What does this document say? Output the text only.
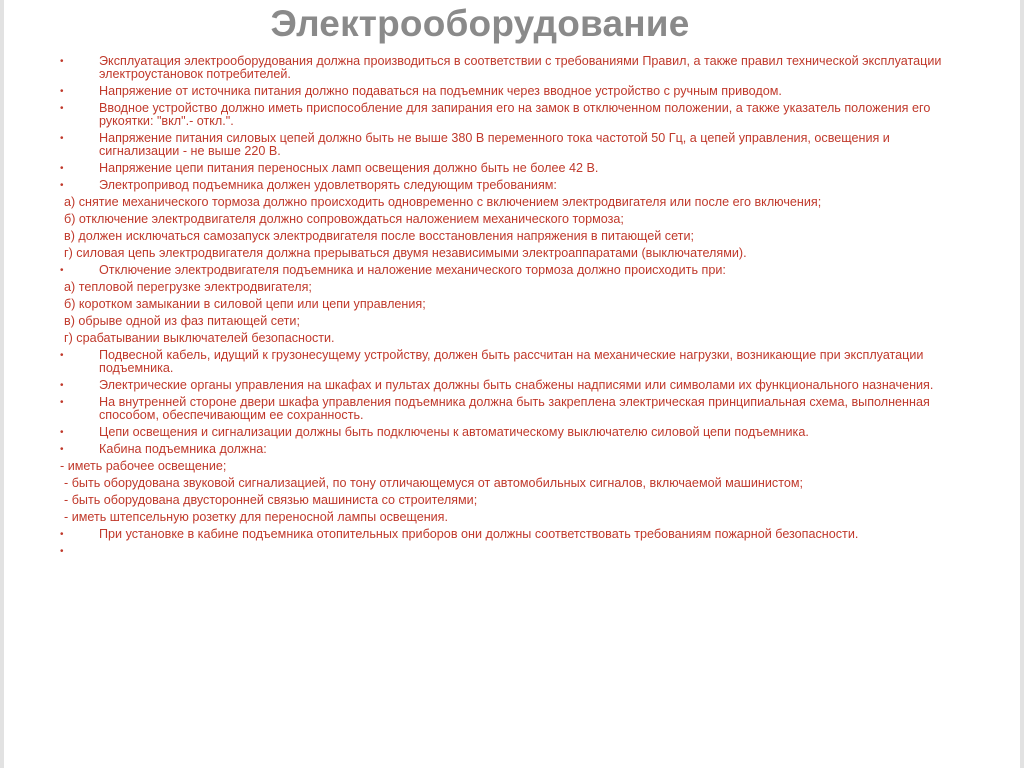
Электрооборудование
•	Эксплуатация электрооборудования должна производиться в соответствии с требованиями Правил, а также правил технической эксплуатации электроустановок потребителей.
•	Напряжение от источника питания должно подаваться на подъемник через вводное устройство с ручным приводом.
•	Вводное устройство должно иметь приспособление для запирания его на замок в отключенном положении, а также указатель положения его рукоятки: "вкл".- откл.".
•	Напряжение питания силовых цепей должно быть не выше 380 В переменного тока частотой 50 Гц, а цепей управления, освещения и сигнализации - не выше 220 В.
•	Напряжение цепи питания переносных ламп освещения должно быть не более 42 В.
•	Электропривод подъемника должен удовлетворять следующим требованиям:
а) снятие механического тормоза должно происходить одновременно с включением электродвигателя или после его включения;
б) отключение электродвигателя должно сопровождаться наложением механического тормоза;
в) должен исключаться самозапуск электродвигателя после восстановления напряжения в питающей сети;
г) силовая цепь электродвигателя должна прерываться двумя независимыми электроаппаратами (выключателями).
•	Отключение электродвигателя подъемника и наложение механического тормоза должно происходить при:
а) тепловой перегрузке электродвигателя;
б) коротком замыкании в силовой цепи или цепи управления;
в) обрыве одной из фаз питающей сети;
г) срабатывании выключателей безопасности.
•	Подвесной кабель, идущий к грузонесущему устройству, должен быть рассчитан на механические нагрузки, возникающие при эксплуатации подъемника.
•	Электрические органы управления на шкафах и пультах должны быть снабжены надписями или символами их функционального назначения.
•	На внутренней стороне двери шкафа управления подъемника должна быть закреплена электрическая принципиальная схема, выполненная способом, обеспечивающим ее сохранность.
•	Цепи освещения и сигнализации должны быть подключены к автоматическому выключателю силовой цепи подъемника.
•	Кабина подъемника должна:
- иметь рабочее освещение;
- быть оборудована звуковой сигнализацией, по тону отличающемуся от автомобильных сигналов, включаемой машинистом;
- быть оборудована двусторонней связью машиниста со строителями;
- иметь штепсельную розетку для переносной лампы освещения.
•	При установке в кабине подъемника отопительных приборов они должны соответствовать требованиям пожарной безопасности.
•
